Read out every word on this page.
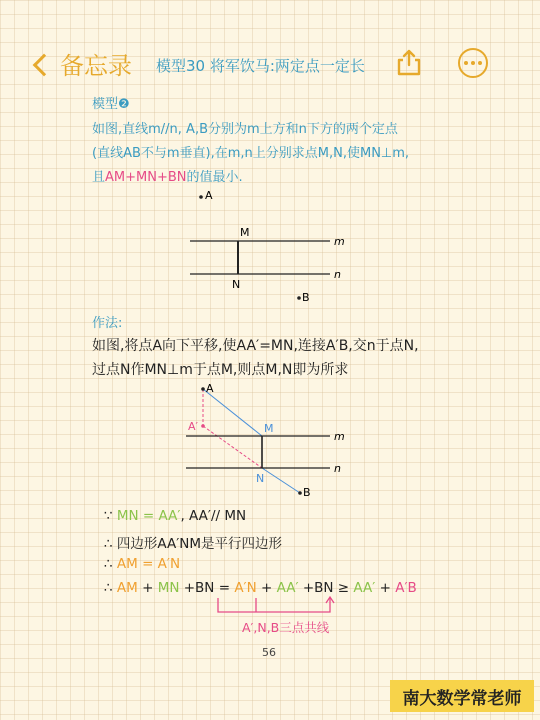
备忘录 模型30 将军饮马:两定点一定长
模型❷
如图,直线m//n, A,B分别为m上方和n下方的两个定点
(直线AB不与m垂直),在m,n上分别求点M,N,使MN⊥m,
且AM+MN+BN的值最小.
A
M
N
m
n
B
作法:
如图,将点A向下平移,使AA′=MN,连接A′B,交n于点N,
过点N作MN⊥m于点M,则点M,N即为所求
A
A′	M
N
m
n
B
∵ MN = AA′, AA′// MN
∴ 四边形AA′NM是平行四边形
∴ AM = A′N
∴ AM + MN +BN = A′N + AA′ +BN ≥ AA′ + A′B
A′,N,B三点共线
56
南大数学常老师
